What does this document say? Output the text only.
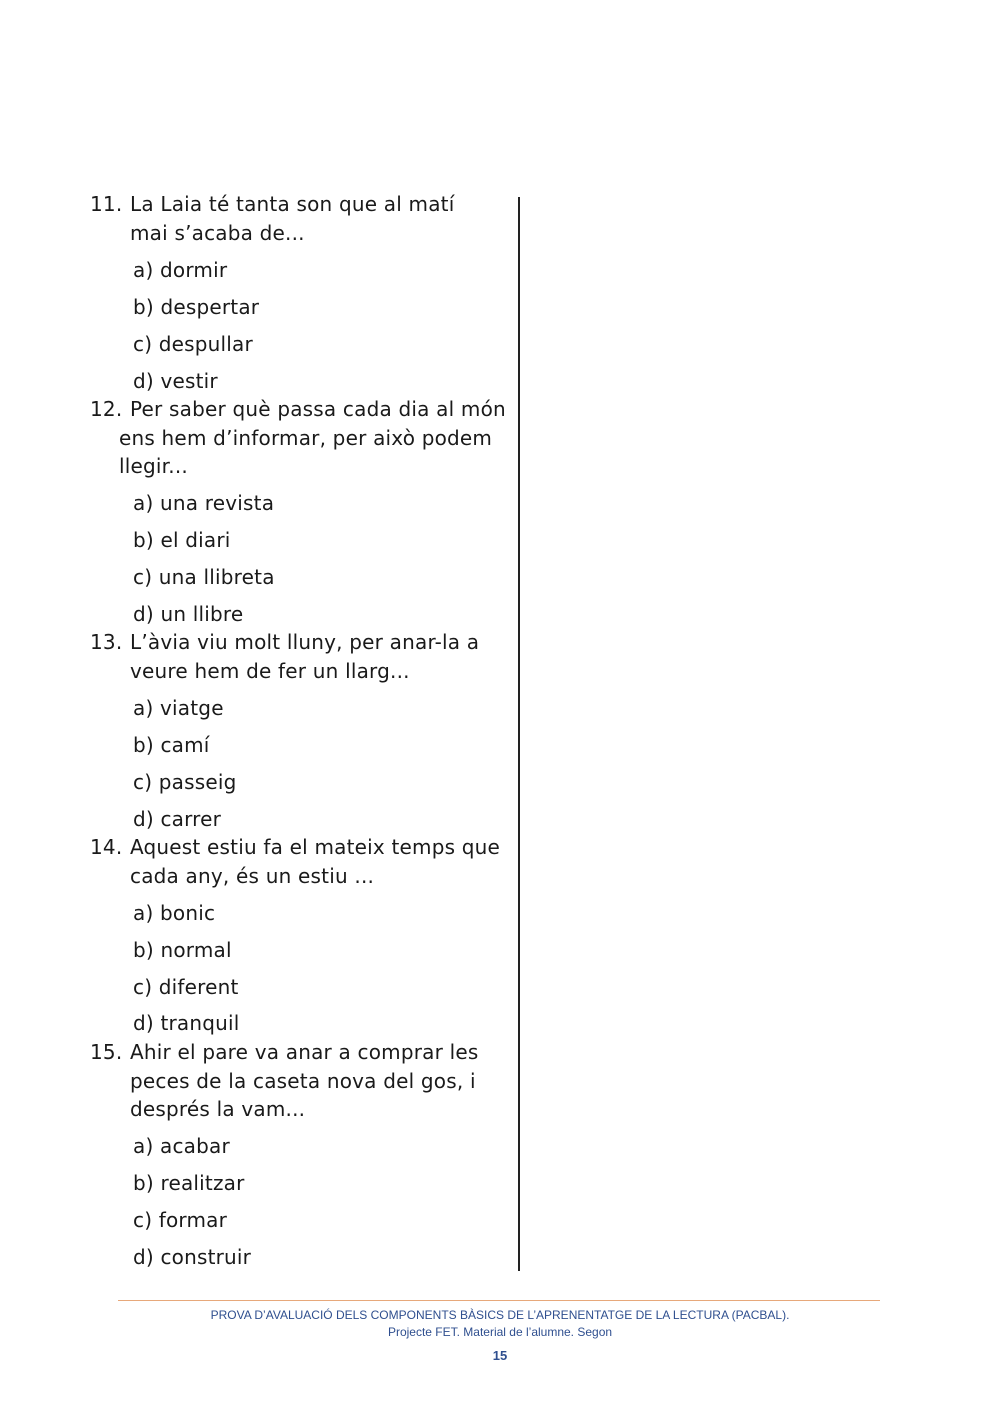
11. La Laia té tanta son que al matí
mai s’acaba de...
a) dormir
b) despertar
c) despullar
d) vestir
12. Per saber què passa cada dia al món
ens hem d’informar, per això podem
llegir...
a) una revista
b) el diari
c) una llibreta
d) un llibre
13. L’àvia viu molt lluny, per anar-la a
veure hem de fer un llarg...
a) viatge
b) camí
c) passeig
d) carrer
14. Aquest estiu fa el mateix temps que
cada any, és un estiu ...
a) bonic
b) normal
c) diferent
d) tranquil
15. Ahir el pare va anar a comprar les
peces de la caseta nova del gos, i
després la vam...
a) acabar
b) realitzar
c) formar
d) construir
PROVA D’AVALUACIÓ DELS COMPONENTS BÀSICS DE L’APRENENTATGE DE LA LECTURA (PACBAL).
Projecte FET. Material de l’alumne. Segon
15
